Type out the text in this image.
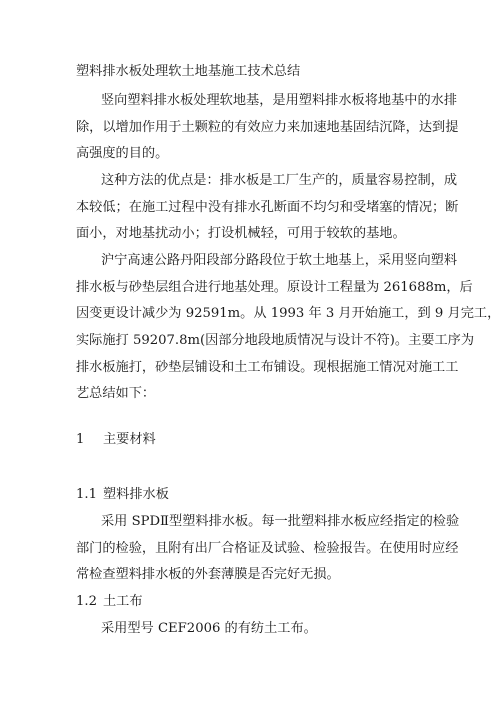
塑料排水板处理软土地基施工技术总结
竖向塑料排水板处理软地基，是用塑料排水板将地基中的水排
除，以增加作用于土颗粒的有效应力来加速地基固结沉降，达到提
高强度的目的。
这种方法的优点是：排水板是工厂生产的，质量容易控制，成
本较低；在施工过程中没有排水孔断面不均匀和受堵塞的情况；断
面小，对地基扰动小；打设机械轻，可用于较软的基地。
沪宁高速公路丹阳段部分路段位于软土地基上，采用竖向塑料
排水板与砂垫层组合进行地基处理。原设计工程量为 261688m，后
因变更设计减少为 92591m。从 1993 年 3 月开始施工，到 9 月完工，
实际施打 59207.8m(因部分地段地质情况与设计不符)。主要工序为
排水板施打，砂垫层铺设和土工布铺设。现根据施工情况对施工工
艺总结如下：
1 主要材料
1.1 塑料排水板
采用 SPDⅡ型塑料排水板。每一批塑料排水板应经指定的检验
部门的检验，且附有出厂合格证及试验、检验报告。在使用时应经
常检查塑料排水板的外套薄膜是否完好无损。
1.2 土工布
采用型号 CEF2006 的有纺土工布。
